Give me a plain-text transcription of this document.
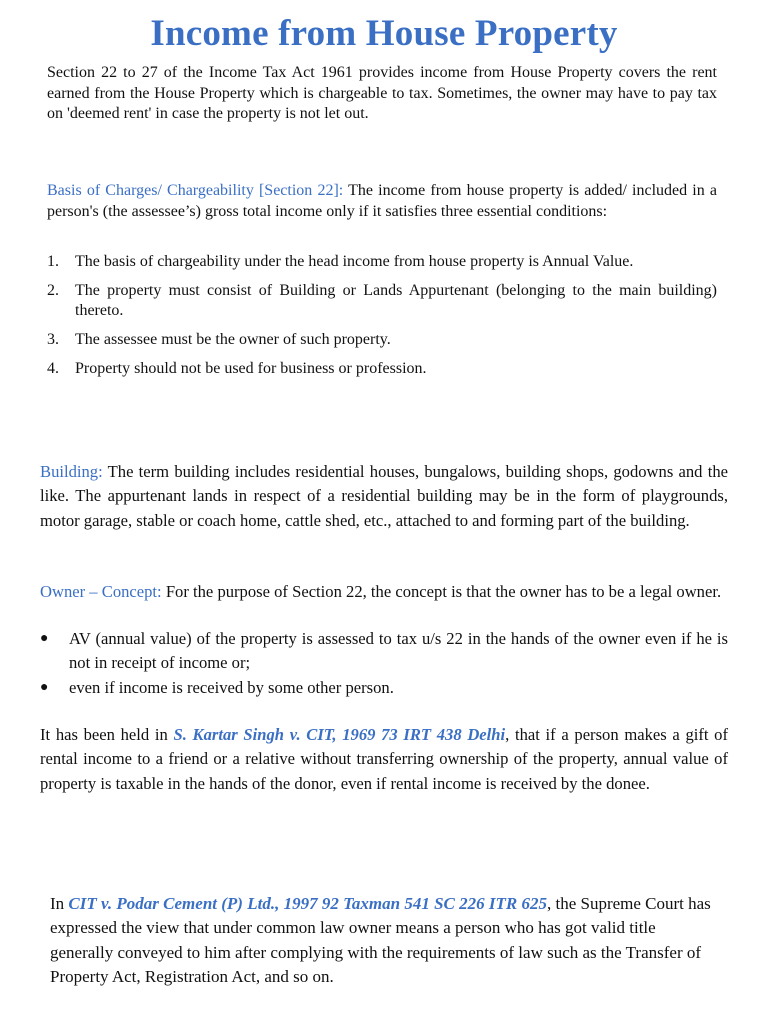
Income from House Property

Section 22 to 27 of the Income Tax Act 1961 provides income from House Property covers the rent earned from the House Property which is chargeable to tax. Sometimes, the owner may have to pay tax on 'deemed rent' in case the property is not let out.

Basis of Charges/ Chargeability [Section 22]: The income from house property is added/ included in a person's (the assessee’s) gross total income only if it satisfies three essential conditions:

1.	The basis of chargeability under the head income from house property is Annual Value.
2.	The property must consist of Building or Lands Appurtenant (belonging to the main building) thereto.
3.	The assessee must be the owner of such property.
4.	Property should not be used for business or profession.

Building: The term building includes residential houses, bungalows, building shops, godowns and the like. The appurtenant lands in respect of a residential building may be in the form of playgrounds, motor garage, stable or coach home, cattle shed, etc., attached to and forming part of the building.

Owner – Concept: For the purpose of Section 22, the concept is that the owner has to be a legal owner.

●	AV (annual value) of the property is assessed to tax u/s 22 in the hands of the owner even if he is not in receipt of income or;
●	even if income is received by some other person.

It has been held in S. Kartar Singh v. CIT, 1969 73 IRT 438 Delhi, that if a person makes a gift of rental income to a friend or a relative without transferring ownership of the property, annual value of property is taxable in the hands of the donor, even if rental income is received by the donee.

In CIT v. Podar Cement (P) Ltd., 1997 92 Taxman 541 SC 226 ITR 625, the Supreme Court has expressed the view that under common law owner means a person who has got valid title generally conveyed to him after complying with the requirements of law such as the Transfer of Property Act, Registration Act, and so on.
